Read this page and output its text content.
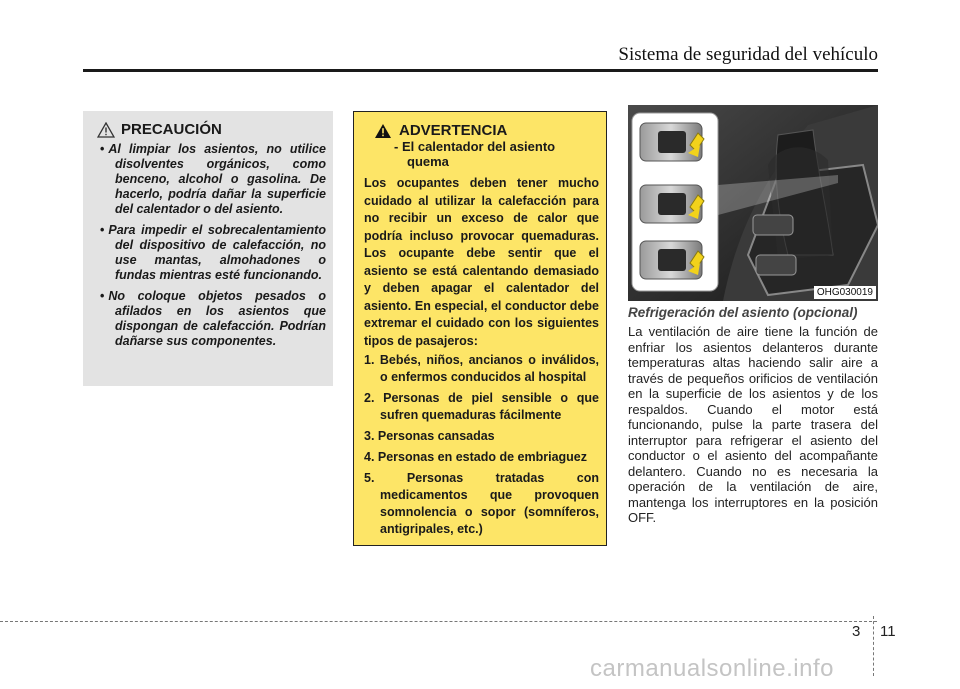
Sistema de seguridad del vehículo
PRECAUCIÓN
• Al limpiar los asientos, no utilice disolventes orgánicos, como benceno, alcohol o gasolina. De hacerlo, podría dañar la superficie del calentador o del asiento.
• Para impedir el sobrecalentamiento del dispositivo de calefacción, no use mantas, almohadones o fundas mientras esté funcionando.
• No coloque objetos pesados o afilados en los asientos que dispongan de calefacción. Podrían dañarse sus componentes.
ADVERTENCIA
- El calentador del asiento quema

Los ocupantes deben tener mucho cuidado al utilizar la calefacción para no recibir un exceso de calor que podría incluso provocar quemaduras. Los ocupante debe sentir que el asiento se está calentando demasiado y deben apagar el calentador del asiento. En especial, el conductor debe extremar el cuidado con los siguientes tipos de pasajeros:

1. Bebés, niños, ancianos o inválidos, o enfermos conducidos al hospital
2. Personas de piel sensible o que sufren quemaduras fácilmente
3. Personas cansadas
4. Personas en estado de embriaguez
5. Personas tratadas con medicamentos que provoquen somnolencia o sopor (somníferos, antigripales, etc.)
OHG030019
Refrigeración del asiento (opcional)

La ventilación de aire tiene la función de enfriar los asientos delanteros durante temperaturas altas haciendo salir aire a través de pequeños orificios de ventilación en la superficie de los asientos y de los respaldos. Cuando el motor está funcionando, pulse la parte trasera del interruptor para refrigerar el asiento del conductor o el asiento del acompañante delantero. Cuando no es necesaria la operación de la ventilación de aire, mantenga los interruptores en la posición OFF.

3 11
carmanualsonline.info
